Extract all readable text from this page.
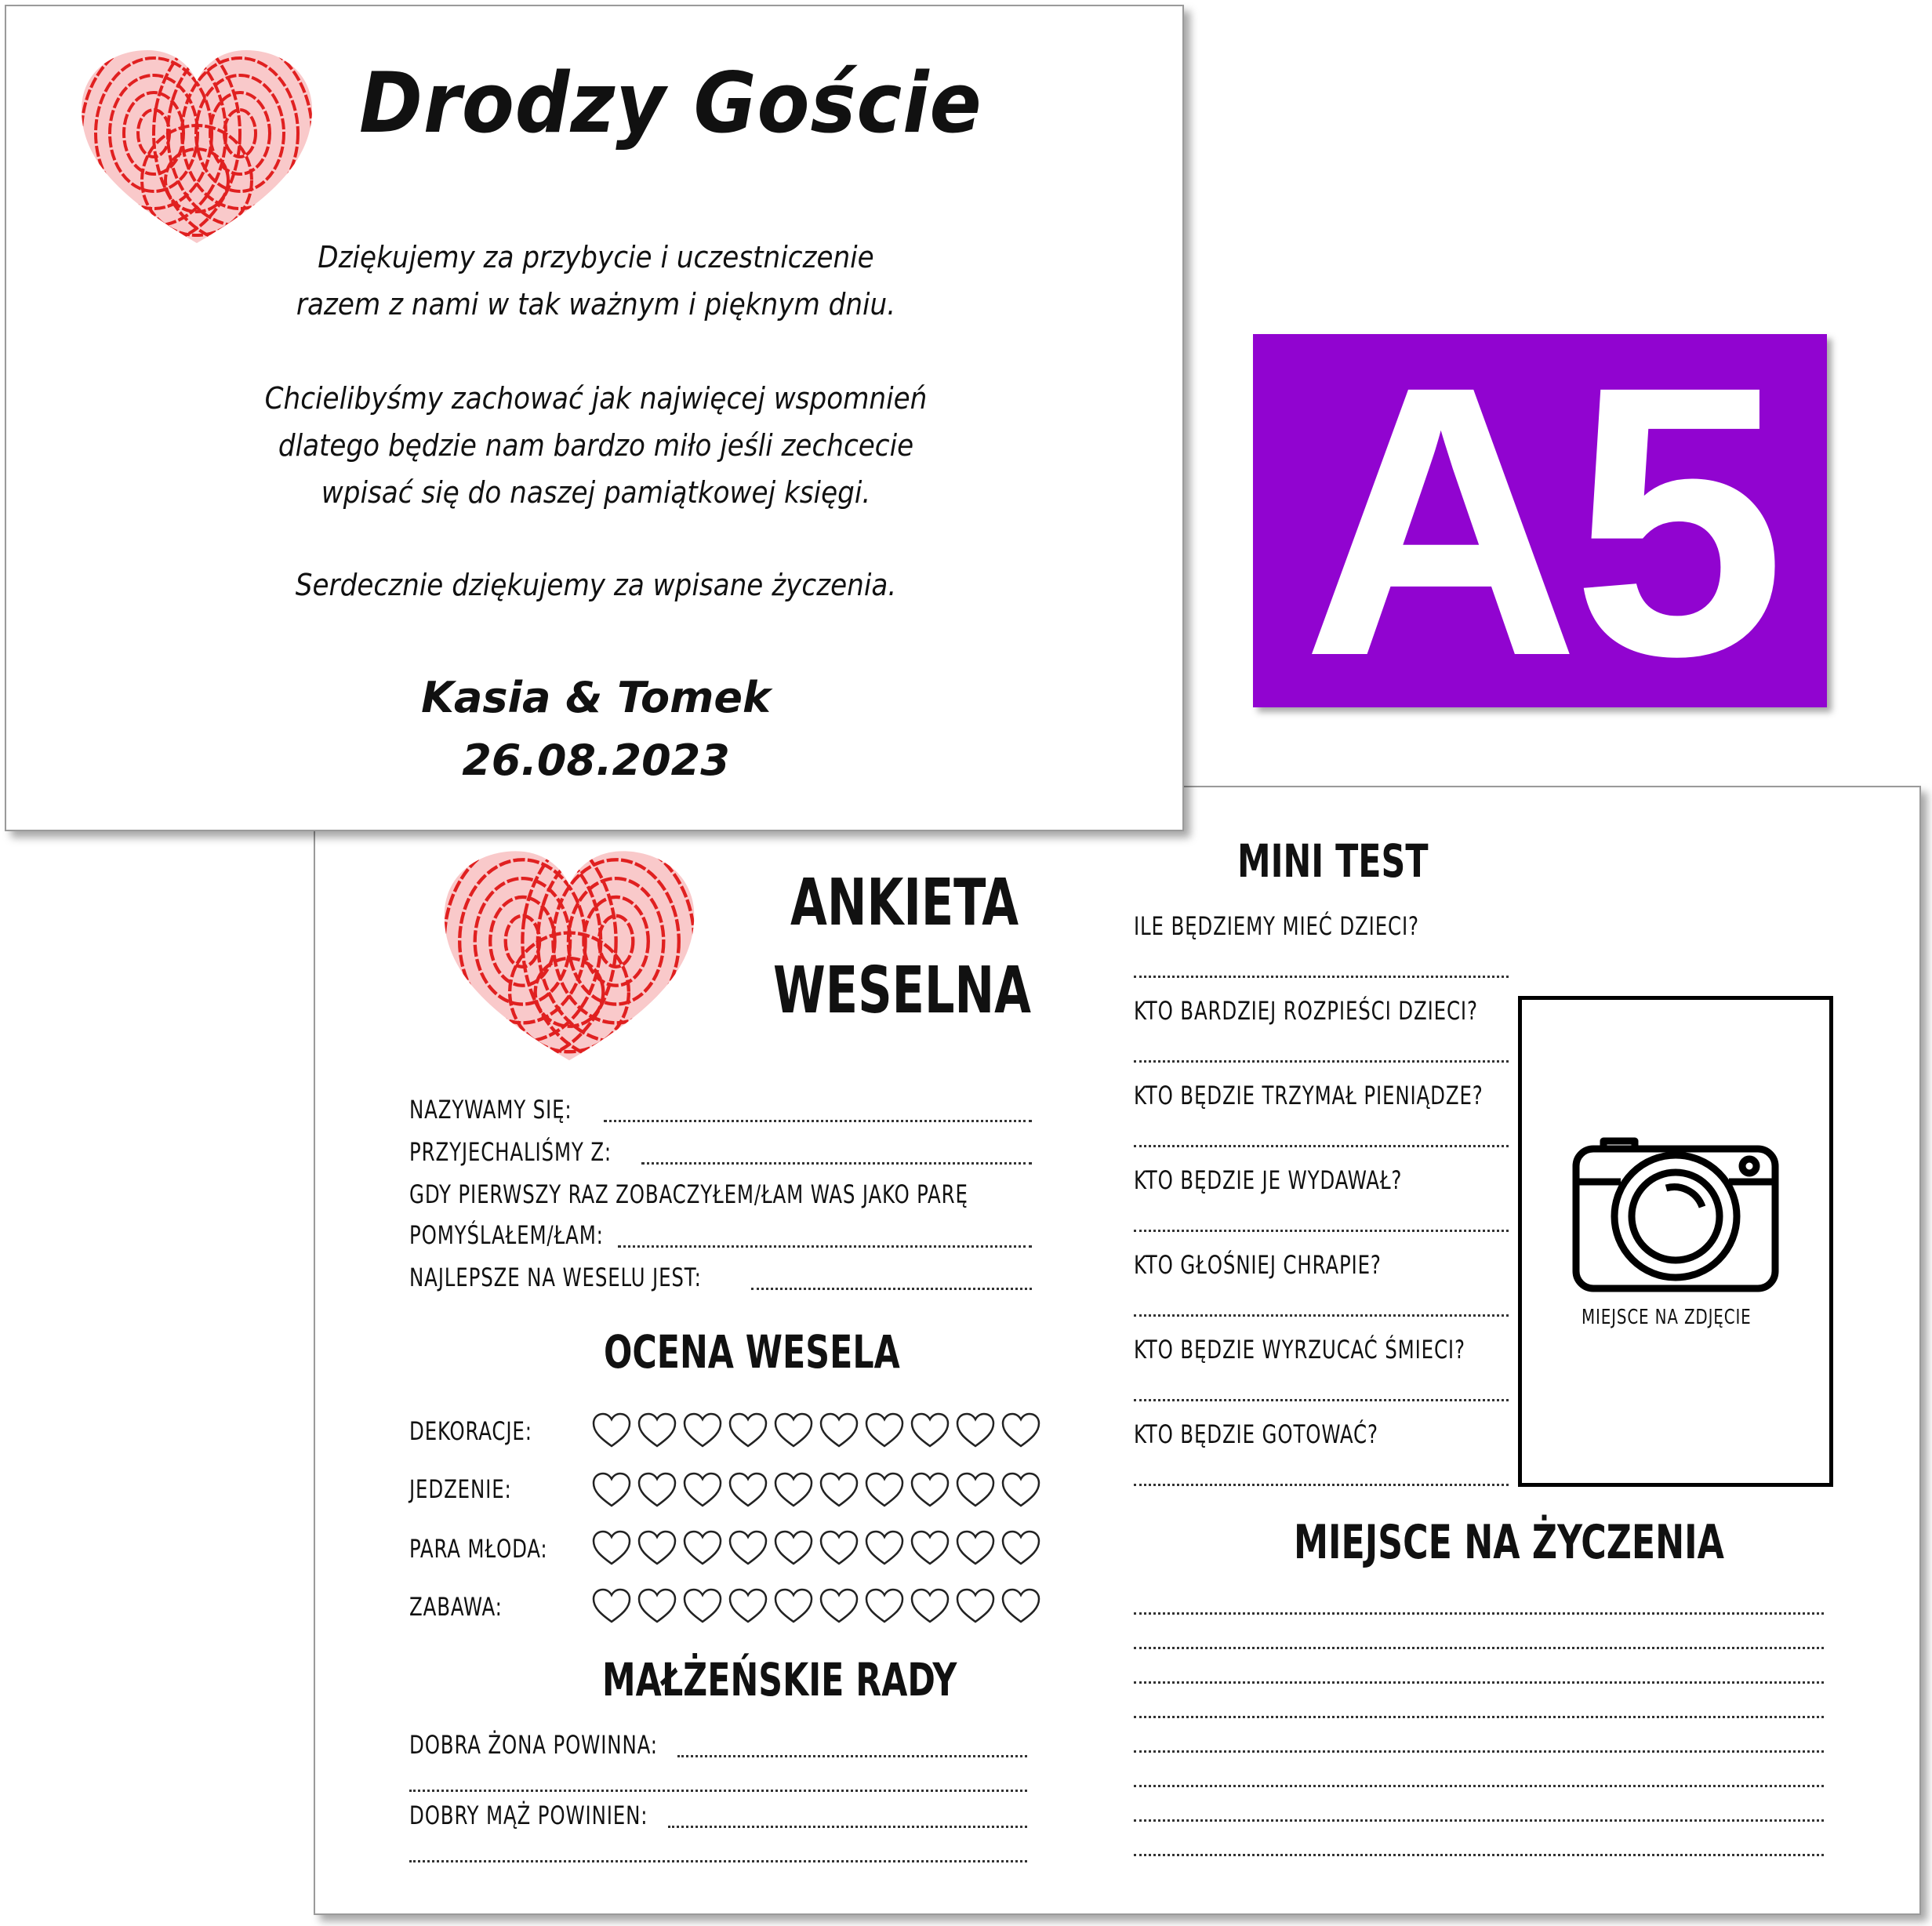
Drodzy Goście
Dziękujemy za przybycie i uczestniczenie
razem z nami w tak ważnym i pięknym dniu.
Chcielibyśmy zachować jak najwięcej wspomnień
dlatego będzie nam bardzo miło jeśli zechcecie
wpisać się do naszej pamiątkowej księgi.
Serdecznie dziękujemy za wpisane życzenia.
Kasia & Tomek
26.08.2023
A5
ANKIETA
WESELNA
NAZYWAMY SIĘ:
PRZYJECHALIŚMY Z:
GDY PIERWSZY RAZ ZOBACZYŁEM/ŁAM WAS JAKO PARĘ
POMYŚLAŁEM/ŁAM:
NAJLEPSZE NA WESELU JEST:
OCENA WESELA
DEKORACJE:
JEDZENIE:
PARA MŁODA:
ZABAWA:
MAŁŻEŃSKIE RADY
DOBRA ŻONA POWINNA:
DOBRY MĄŻ POWINIEN:
MINI TEST
ILE BĘDZIEMY MIEĆ DZIECI?
KTO BARDZIEJ ROZPIEŚCI DZIECI?
KTO BĘDZIE TRZYMAŁ PIENIĄDZE?
KTO BĘDZIE JE WYDAWAŁ?
KTO GŁOŚNIEJ CHRAPIE?
KTO BĘDZIE WYRZUCAĆ ŚMIECI?
KTO BĘDZIE GOTOWAĆ?
MIEJSCE NA ZDJĘCIE
MIEJSCE NA ŻYCZENIA
